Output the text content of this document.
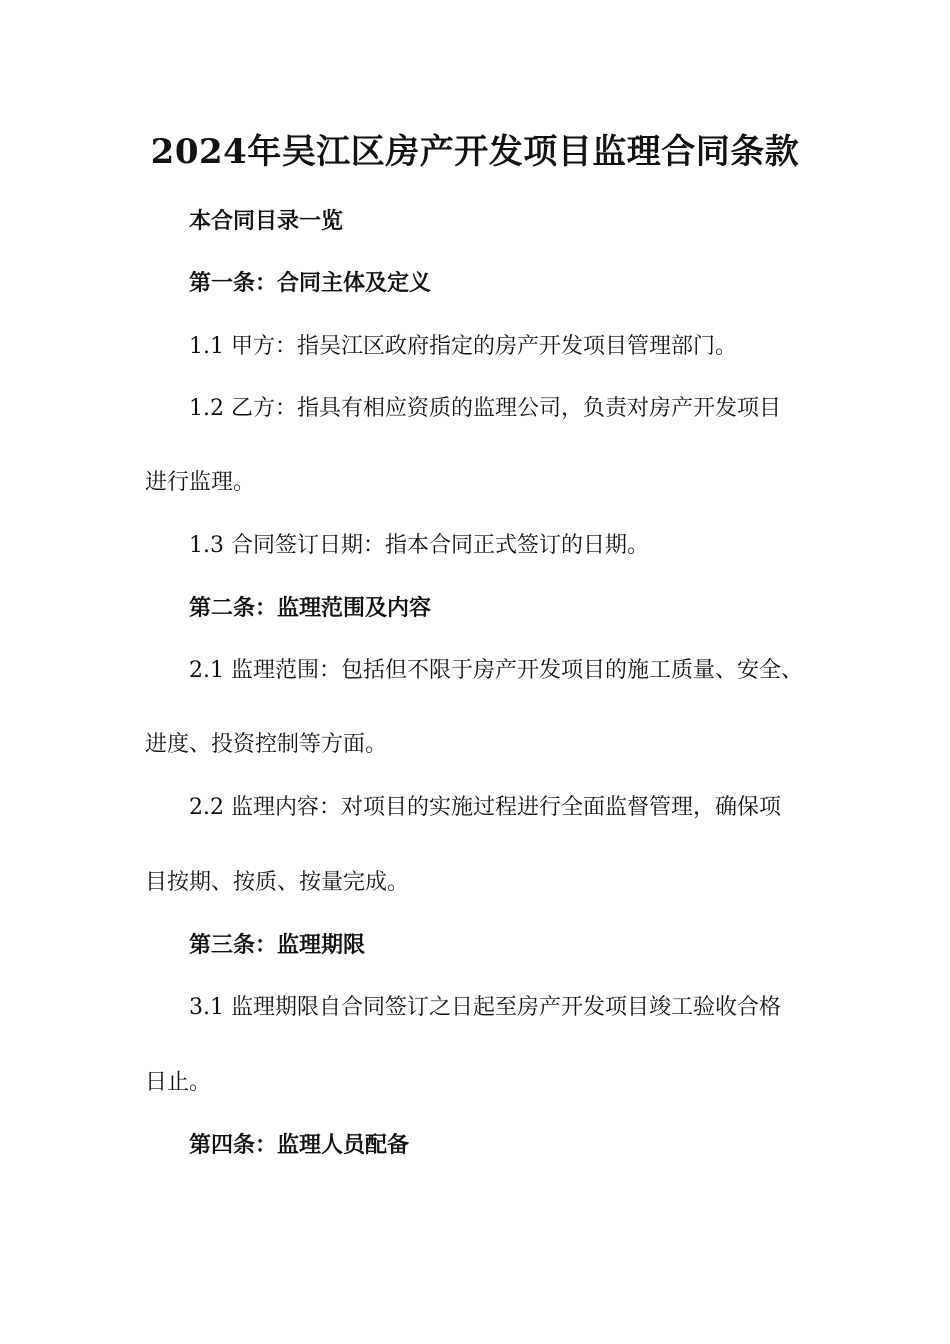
2024年吴江区房产开发项目监理合同条款
本合同目录一览
第一条：合同主体及定义
1.1 甲方：指吴江区政府指定的房产开发项目管理部门。
1.2 乙方：指具有相应资质的监理公司，负责对房产开发项目
进行监理。
1.3 合同签订日期：指本合同正式签订的日期。
第二条：监理范围及内容
2.1 监理范围：包括但不限于房产开发项目的施工质量、安全、
进度、投资控制等方面。
2.2 监理内容：对项目的实施过程进行全面监督管理，确保项
目按期、按质、按量完成。
第三条：监理期限
3.1 监理期限自合同签订之日起至房产开发项目竣工验收合格
日止。
第四条：监理人员配备
